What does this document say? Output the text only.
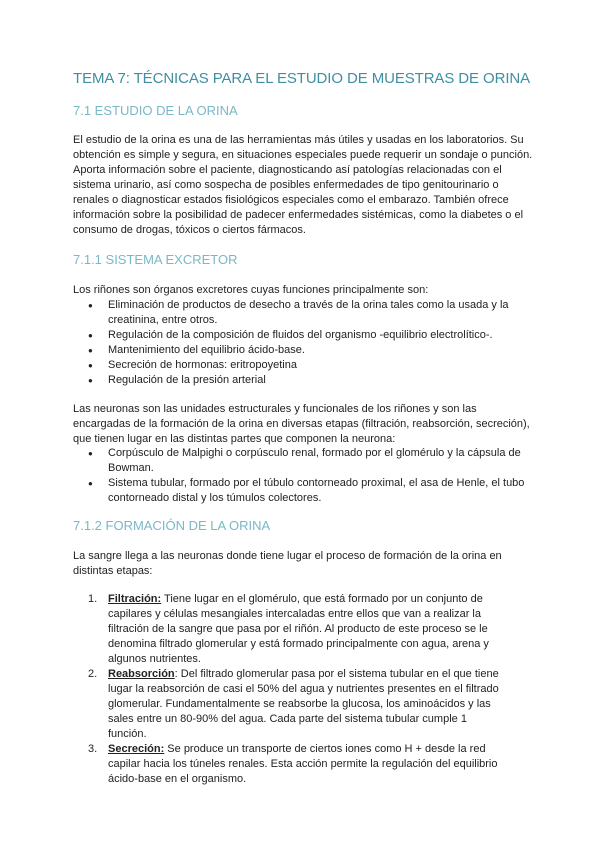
TEMA 7: TÉCNICAS PARA EL ESTUDIO DE MUESTRAS DE ORINA
7.1 ESTUDIO DE LA ORINA

El estudio de la orina es una de las herramientas más útiles y usadas en los laboratorios. Su obtención es simple y segura, en situaciones especiales puede requerir un sondaje o punción. Aporta información sobre el paciente, diagnosticando así patologías relacionadas con el sistema urinario, así como sospecha de posibles enfermedades de tipo genitourinario o renales o diagnosticar estados fisiológicos especiales como el embarazo. También ofrece información sobre la posibilidad de padecer enfermedades sistémicas, como la diabetes o el consumo de drogas, tóxicos o ciertos fármacos.

7.1.1 SISTEMA EXCRETOR

Los riñones son órganos excretores cuyas funciones principalmente son:

● Eliminación de productos de desecho a través de la orina tales como la usada y la creatinina, entre otros.
● Regulación de la composición de fluidos del organismo -equilibrio electrolítico-.
● Mantenimiento del equilibrio ácido-base.
● Secreción de hormonas: eritropoyetina
● Regulación de la presión arterial

Las neuronas son las unidades estructurales y funcionales de los riñones y son las encargadas de la formación de la orina en diversas etapas (filtración, reabsorción, secreción), que tienen lugar en las distintas partes que componen la neurona:

● Corpúsculo de Malpighi o corpúsculo renal, formado por el glomérulo y la cápsula de Bowman.
● Sistema tubular, formado por el túbulo contorneado proximal, el asa de Henle, el tubo contorneado distal y los túmulos colectores.
7.1.2 FORMACIÓN DE LA ORINA

La sangre llega a las neuronas donde tiene lugar el proceso de formación de la orina en distintas etapas:

1. Filtración: Tiene lugar en el glomérulo, que está formado por un conjunto de capilares y células mesangiales intercaladas entre ellos que van a realizar la filtración de la sangre que pasa por el riñón. Al producto de este proceso se le denomina filtrado glomerular y está formado principalmente con agua, arena y algunos nutrientes.
2. Reabsorción: Del filtrado glomerular pasa por el sistema tubular en el que tiene lugar la reabsorción de casi el 50% del agua y nutrientes presentes en el filtrado glomerular. Fundamentalmente se reabsorbe la glucosa, los aminoácidos y las sales entre un 80-90% del agua. Cada parte del sistema tubular cumple 1 función.
3. Secreción: Se produce un transporte de ciertos iones como H + desde la red capilar hacia los túneles renales. Esta acción permite la regulación del equilibrio ácido-base en el organismo.
